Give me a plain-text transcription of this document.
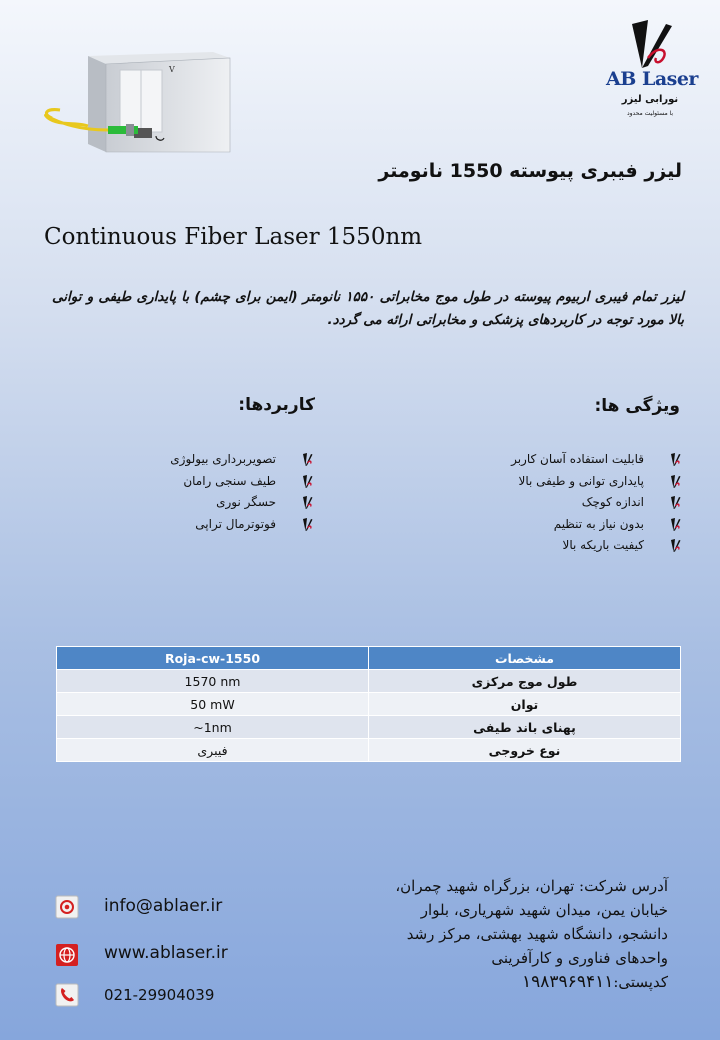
V	AB Laser
نورابی لیزر
با مسئولیت محدود
لیزر فیبری پیوسته 1550 نانومتر
Continuous Fiber Laser 1550nm
لیزر تمام فیبری اربیوم پیوسته در طول موج مخابراتی ۱۵۵۰ نانومتر (ایمن برای چشم) با پایداری طیفی و توانی بالا مورد توجه در کاربردهای پزشکی و مخابراتی ارائه می گردد.
ویژگی ها:
قابلیت استفاده آسان کاربر
پایداری توانی و طیفی بالا
اندازه کوچک
بدون نیاز به تنظیم
کیفیت باریکه بالا
کاربردها:
تصویربرداری بیولوژی
طیف سنجی رامان
حسگر نوری
فوتوترمال تراپی
Roja-cw-1550	مشخصات
1570 nm	طول موج مرکزی
50 mW	توان
~1nm	پهنای باند طیفی
فیبری	نوع خروجی
info@ablaer.ir
www.ablaser.ir
021-29904039
آدرس شرکت: تهران، بزرگراه شهید چمران،
خیابان یمن، میدان شهید شهریاری، بلوار
دانشجو، دانشگاه شهید بهشتی، مرکز رشد
واحدهای فناوری و کارآفرینی
کدپستی:۱۹۸۳۹۶۹۴۱۱
